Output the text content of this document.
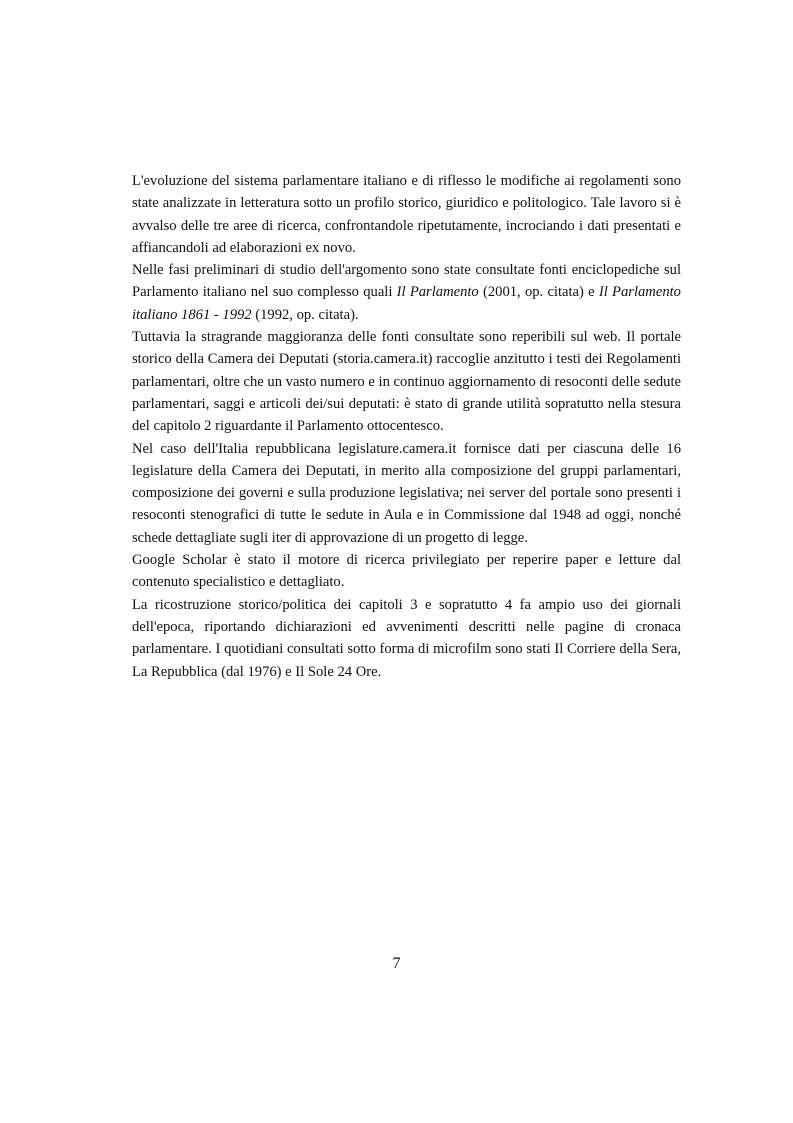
L'evoluzione del sistema parlamentare italiano e di riflesso le modifiche ai regolamenti sono state analizzate in letteratura sotto un profilo storico, giuridico e politologico. Tale lavoro si è avvalso delle tre aree di ricerca, confrontandole ripetutamente, incrociando i dati presentati e affiancandoli ad elaborazioni ex novo.

Nelle fasi preliminari di studio dell'argomento sono state consultate fonti enciclopediche sul Parlamento italiano nel suo complesso quali Il Parlamento (2001, op. citata) e Il Parlamento italiano 1861 - 1992 (1992, op. citata).

Tuttavia la stragrande maggioranza delle fonti consultate sono reperibili sul web. Il portale storico della Camera dei Deputati (storia.camera.it) raccoglie anzitutto i testi dei Regolamenti parlamentari, oltre che un vasto numero e in continuo aggiornamento di resoconti delle sedute parlamentari, saggi e articoli dei/sui deputati: è stato di grande utilità sopratutto nella stesura del capitolo 2 riguardante il Parlamento ottocentesco.

Nel caso dell'Italia repubblicana legislature.camera.it fornisce dati per ciascuna delle 16 legislature della Camera dei Deputati, in merito alla composizione del gruppi parlamentari, composizione dei governi e sulla produzione legislativa; nei server del portale sono presenti i resoconti stenografici di tutte le sedute in Aula e in Commissione dal 1948 ad oggi, nonché schede dettagliate sugli iter di approvazione di un progetto di legge.

Google Scholar è stato il motore di ricerca privilegiato per reperire paper e letture dal contenuto specialistico e dettagliato.

La ricostruzione storico/politica dei capitoli 3 e sopratutto 4 fa ampio uso dei giornali dell'epoca, riportando dichiarazioni ed avvenimenti descritti nelle pagine di cronaca parlamentare. I quotidiani consultati sotto forma di microfilm sono stati Il Corriere della Sera, La Repubblica (dal 1976) e Il Sole 24 Ore.

7
